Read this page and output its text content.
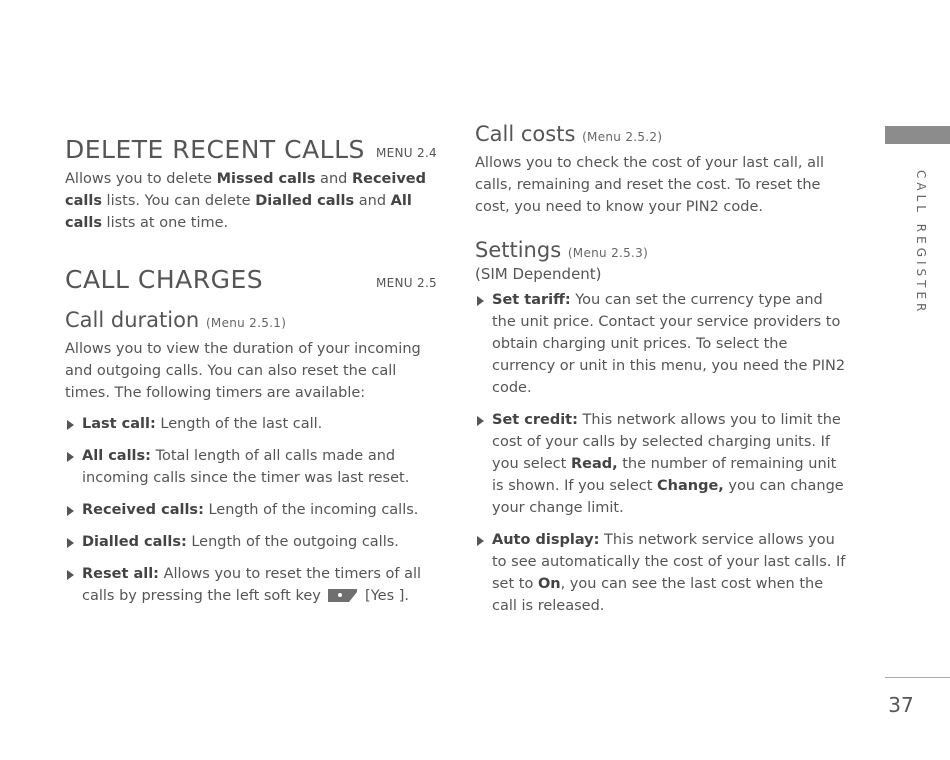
DELETE RECENT CALLS MENU 2.4

Allows you to delete Missed calls and Received calls lists. You can delete Dialled calls and All calls lists at one time.

CALL CHARGES	MENU 2.5
Call duration (Menu 2.5.1)

Allows you to view the duration of your incoming and outgoing calls. You can also reset the call times. The following timers are available:

Last call: Length of the last call.
All calls: Total length of all calls made and incoming calls since the timer was last reset.
Received calls: Length of the incoming calls.
Dialled calls: Length of the outgoing calls.
Reset all: Allows you to reset the timers of all calls by pressing the left soft key	[Yes ].
Call costs (Menu 2.5.2)

Allows you to check the cost of your last call, all calls, remaining and reset the cost. To reset the cost, you need to know your PIN2 code.

Settings (Menu 2.5.3)
(SIM Dependent)
Set tariff: You can set the currency type and the unit price. Contact your service providers to obtain charging unit prices. To select the currency or unit in this menu, you need the PIN2 code.
Set credit: This network allows you to limit the cost of your calls by selected charging units. If you select Read, the number of remaining unit is shown. If you select Change, you can change your change limit.
Auto display: This network service allows you to see automatically the cost of your last calls. If set to On, you can see the last cost when the call is released.
CALL REGISTER
37
